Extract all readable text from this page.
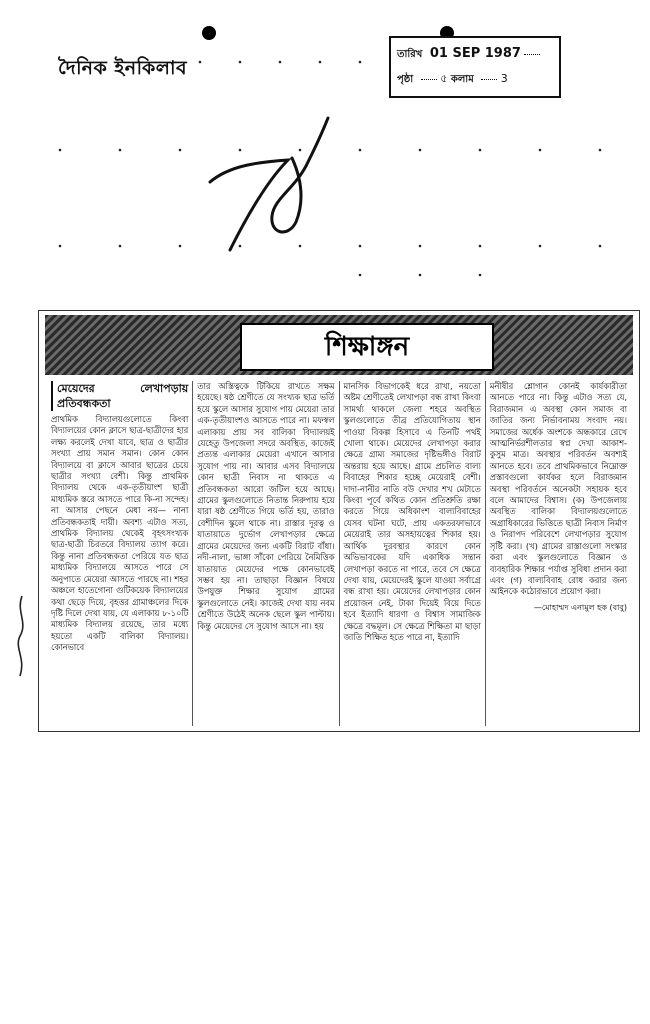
দৈনিক ইনকিলাব
তারিখ 01 SEP 1987
পৃষ্ঠা ৫ কলাম 3
শিক্ষাঙ্গন
মেয়েদের লেখাপড়ায় প্রতিবন্ধকতা
প্রাথমিক বিদ্যালয়গুলোতে কিংবা বিদ্যালয়ের কোন ক্লাসে ছাত্র-ছাত্রীদের হার লক্ষ্য করলেই দেখা যাবে, ছাত্র ও ছাত্রীর সংখ্যা প্রায় সমান সমান। কোন কোন বিদ্যালয়ে বা ক্লাসে আবার ছাত্রের চেয়ে ছাত্রীর সংখ্যা বেশী। কিন্তু প্রাথমিক বিদ্যালয় থেকে এক-তৃতীয়াংশ ছাত্রী মাধ্যমিক স্তরে আসতে পারে কি-না সন্দেহ। না আসার পেছনে মেধা নয়— নানা প্রতিবন্ধকতাই দায়ী। অবশ্য এটাও সত্য, প্রাথমিক বিদ্যালয় থেকেই বৃহৎসংখ্যক ছাত্র-ছাত্রী চিরতরে বিদ্যালয় ত্যাগ করে। কিন্তু নানা প্রতিবন্ধকতা পেরিয়ে যত ছাত্র মাধ্যমিক বিদ্যালয়ে আসতে পারে সে অনুপাতে মেয়েরা আসতে পারছে না। শহর অঞ্চলে হাতেগোনা গুটিকয়েক বিদ্যালয়ের কথা ছেড়ে দিয়ে, বৃহত্তর গ্রামাঞ্চলের দিকে দৃষ্টি দিলে দেখা যায়, যে এলাকায় ৮-১০টি মাধ্যমিক বিদ্যালয় রয়েছে, তার মধ্যে হয়তো একটি বালিকা বিদ্যালয়। কোনভাবে
তার অস্তিত্বকে টিকিয়ে রাখতে সক্ষম হয়েছে। ষষ্ঠ শ্রেণীতে যে সংখ্যক ছাত্র ভর্তি হয়ে স্কুলে আসার সুযোগ পায় মেয়েরা তার এক-তৃতীয়াংশও আসতে পারে না। মফস্বল এলাকায় প্রায় সব বালিকা বিদ্যালয়ই যেহেতু উপজেলা সদরে অবস্থিত, কাজেই প্রত্যন্ত এলাকার মেয়েরা এখানে আসার সুযোগ পায় না। আবার এসব বিদ্যালয়ে কোন ছাত্রী নিবাস না থাকতে এ প্রতিবন্ধকতা আরো জটিল হয়ে আছে। গ্রামের স্কুলগুলোতে নিতান্ত নিরুপায় হয়ে যারা ষষ্ঠ শ্রেণীতে গিয়ে ভর্তি হয়, তারাও বেশীদিন স্কুলে থাকে না। রাস্তার দূরত্ব ও যাতায়াতে দুর্ভোগ লেখাপড়ার ক্ষেত্রে গ্রামের মেয়েদের জন্য একটি বিরাট বাঁধা। নদী-নালা, ভাঙ্গা সাঁকো পেরিয়ে নৈমিত্তিক যাতায়াত মেয়েদের পক্ষে কোনভাবেই সম্ভব হয় না। তাছাড়া বিজ্ঞান বিষয়ে উপযুক্ত শিক্ষার সুযোগ গ্রামের স্কুলগুলোতে নেই। কাজেই দেখা যায় নবম শ্রেণীতে উঠেই অনেক ছেলে স্কুল পাল্টায়। কিন্তু মেয়েদের সে সুযোগ আসে না। হয়
মানসিক বিভাগকেই ধরে রাখা, নয়তো অষ্টম শ্রেণীতেই লেখাপড়া বন্ধ রাখা কিংবা সামর্থ্য থাকলে জেলা শহরে অবস্থিত স্কুলগুলোতে তীব্র প্রতিযোগিতায় স্থান পাওয়া বিকল্প হিসাবে এ তিনটি পথই খোলা থাকে। মেয়েদের লেখাপড়া করার ক্ষেত্রে গ্রাম্য সমাজের দৃষ্টিভঙ্গীও বিরাট অন্তরায় হয়ে আছে। গ্রামে প্রচলিত বাল্য বিবাহের শিকার হচ্ছে মেয়েরাই বেশী। দাদা-নানীর নাতি বউ দেখার শখ মেটাতে কিংবা পূর্বে কথিত কোন প্রতিশ্রুতি রক্ষা করতে গিয়ে অধিকাংশ বাল্যবিবাহের যেসব ঘটনা ঘটে, প্রায় একতরফাভাবে মেয়েরাই তার অসহায়ত্বের শিকার হয়। আর্থিক দুরবস্থার কারণে কোন অভিভাবকের যদি একাধিক সন্তান লেখাপড়া করতে না পারে, তবে সে ক্ষেত্রে দেখা যায়, মেয়েদেরই স্কুলে যাওয়া সর্বাগ্রে বন্ধ রাখা হয়। মেয়েদের লেখাপড়ার কোন প্রয়োজন নেই, টাকা দিয়েই বিয়ে দিতে হবে ইত্যাদি ধারণা ও বিশ্বাস সামাজিক ক্ষেত্রে বদ্ধমূল। সে ক্ষেত্রে শিক্ষিতা মা ছাড়া জাতি শিক্ষিত হতে পারে না, ইত্যাদি
মনীষীর শ্লোগান কোনই কার্যকারীতা আনতে পারে না। কিন্তু এটাও সত্য যে, বিরাজমান এ অবস্থা কোন সমাজ বা জাতির জন্য নির্ভাবনাময় সংবাদ নয়। সমাজের অর্ধেক অংশকে অন্ধকারে রেখে আত্মনির্ভরশীলতার স্বপ্ন দেখা আকাশ-কুসুম মাত্র। অবস্থার পরিবর্তন অবশ্যই আনতে হবে। তবে প্রাথমিকভাবে নিম্নোক্ত প্রস্তাবগুলো কার্যকর হলে বিরাজমান অবস্থা পরিবর্তনে অনেকটা সহায়ক হবে বলে আমাদের বিশ্বাস। (ক) উপজেলায় অবস্থিত বালিকা বিদ্যালয়গুলোতে অগ্রাধিকারের ভিত্তিতে ছাত্রী নিবাস নির্মাণ ও নিরাপদ পরিবেশে লেখাপড়ার সুযোগ সৃষ্টি করা। (খ) গ্রামের রাস্তাগুলো সংস্কার করা এবং স্কুলগুলোতে বিজ্ঞান ও ব্যবহারিক শিক্ষার পর্যাপ্ত সুবিধা প্রদান করা এবং (গ) বাল্যবিবাহ রোধ করার জন্য আইনকে কঠোরভাবে প্রয়োগ করা।
—মোহাম্মদ এনামুল হক (বাবু)
